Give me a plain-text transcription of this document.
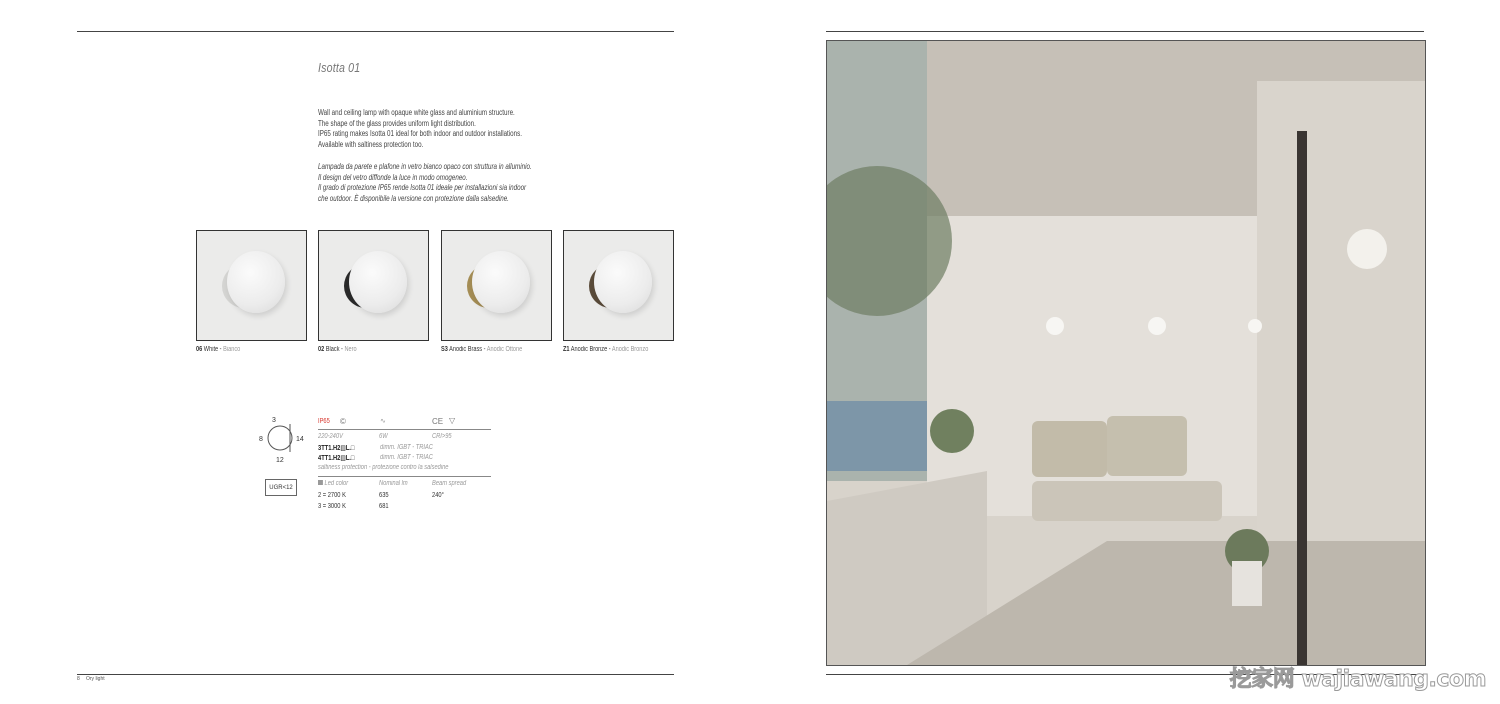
Isotta 01
Wall and ceiling lamp with opaque white glass and aluminium structure.
The shape of the glass provides uniform light distribution.
IP65 rating makes Isotta 01 ideal for both indoor and outdoor installations.
Available with saltiness protection too.
Lampada da parete e plafone in vetro bianco opaco con struttura in alluminio.
Il design del vetro diffonde la luce in modo omogeneo.
Il grado di protezione IP65 rende Isotta 01 ideale per installazioni sia indoor
che outdoor. È disponibile la versione con protezione dalla salsedine.
06 White - Bianco	02 Black - Nero	S3 Anodic Brass - Anodic Ottone	Z1 Anodic Bronze - Anodic Bronzo
3
8	14
12
UGR<12
IP65 ©	∿	CE ▽
220-240V	6W	CRI>95
3TT1.H2▥L.□	dimm. IGBT - TRIAC
4TT1.H2▥L.□	dimm. IGBT - TRIAC
saltiness protection - protezione contro la salsedine
Led color	Nominal lm	Beam spread
2 = 2700 K	635	240°
3 = 3000 K	681
8 Ory light	挖家网 wajiawang.com
